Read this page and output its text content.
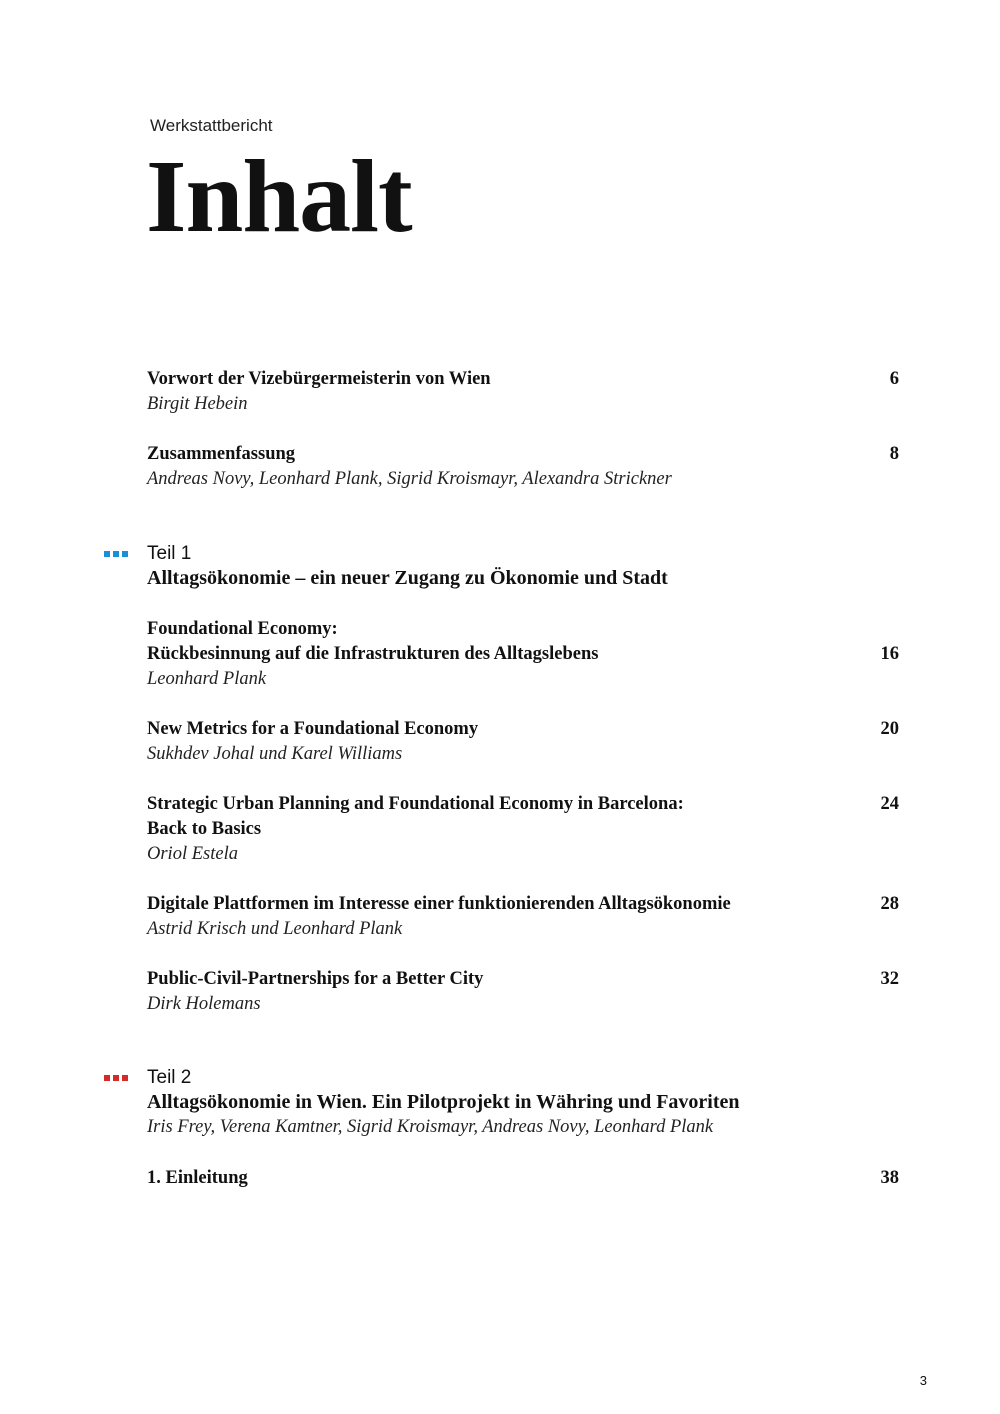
Werkstattbericht
Inhalt
Vorwort der Vizebürgermeisterin von Wien
Birgit Hebein
6
Zusammenfassung
Andreas Novy, Leonhard Plank, Sigrid Kroismayr, Alexandra Strickner
8
Teil 1
Alltagsökonomie – ein neuer Zugang zu Ökonomie und Stadt
Foundational Economy:
Rückbesinnung auf die Infrastrukturen des Alltagslebens
Leonhard Plank
16
New Metrics for a Foundational Economy
Sukhdev Johal und Karel Williams
20
Strategic Urban Planning and Foundational Economy in Barcelona:
Back to Basics
Oriol Estela
24
Digitale Plattformen im Interesse einer funktionierenden Alltagsökonomie
Astrid Krisch und Leonhard Plank
28
Public-Civil-Partnerships for a Better City
Dirk Holemans
32
Teil 2
Alltagsökonomie in Wien. Ein Pilotprojekt in Währing und Favoriten
Iris Frey, Verena Kamtner, Sigrid Kroismayr, Andreas Novy, Leonhard Plank
1. Einleitung	38
3
